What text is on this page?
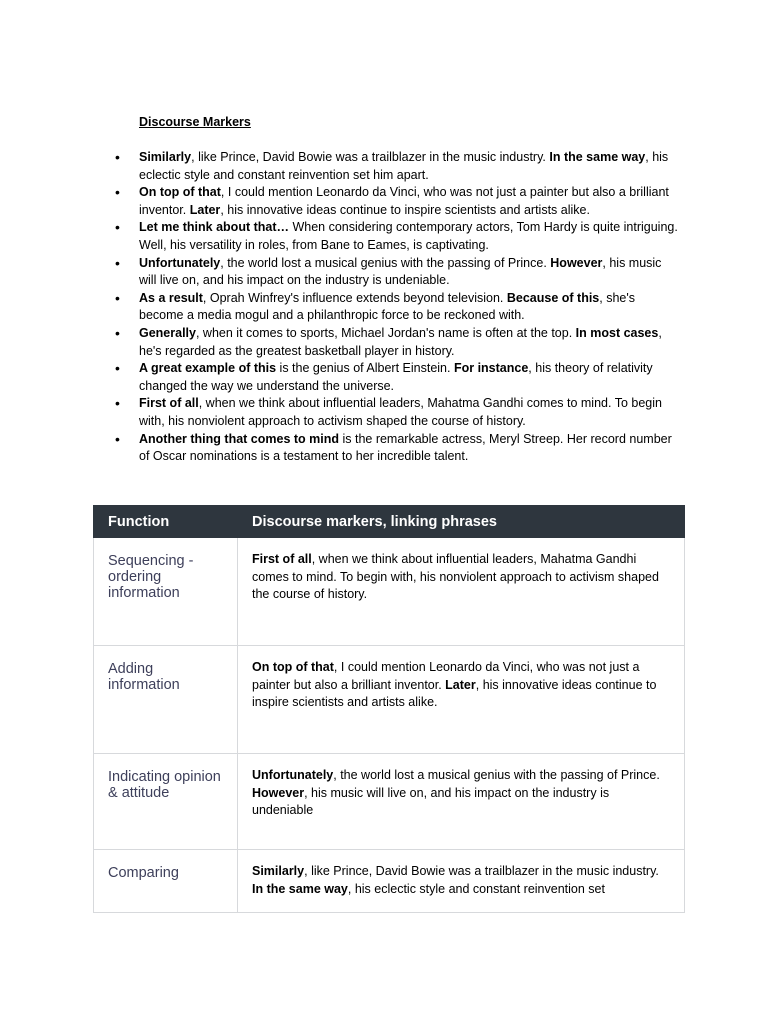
Discourse Markers
• Similarly, like Prince, David Bowie was a trailblazer in the music industry. In the same way, his eclectic style and constant reinvention set him apart.
• On top of that, I could mention Leonardo da Vinci, who was not just a painter but also a brilliant inventor. Later, his innovative ideas continue to inspire scientists and artists alike.
• Let me think about that… When considering contemporary actors, Tom Hardy is quite intriguing. Well, his versatility in roles, from Bane to Eames, is captivating.
• Unfortunately, the world lost a musical genius with the passing of Prince. However, his music will live on, and his impact on the industry is undeniable.
• As a result, Oprah Winfrey's influence extends beyond television. Because of this, she's become a media mogul and a philanthropic force to be reckoned with.
• Generally, when it comes to sports, Michael Jordan's name is often at the top. In most cases, he's regarded as the greatest basketball player in history.
• A great example of this is the genius of Albert Einstein. For instance, his theory of relativity changed the way we understand the universe.
• First of all, when we think about influential leaders, Mahatma Gandhi comes to mind. To begin with, his nonviolent approach to activism shaped the course of history.
• Another thing that comes to mind is the remarkable actress, Meryl Streep. Her record number of Oscar nominations is a testament to her incredible talent.
Function	Discourse markers, linking phrases
Sequencing - ordering information	First of all, when we think about influential leaders, Mahatma Gandhi comes to mind. To begin with, his nonviolent approach to activism shaped the course of history.
Adding information	On top of that, I could mention Leonardo da Vinci, who was not just a painter but also a brilliant inventor. Later, his innovative ideas continue to inspire scientists and artists alike.
Indicating opinion & attitude	Unfortunately, the world lost a musical genius with the passing of Prince. However, his music will live on, and his impact on the industry is undeniable
Comparing	Similarly, like Prince, David Bowie was a trailblazer in the music industry. In the same way, his eclectic style and constant reinvention set
